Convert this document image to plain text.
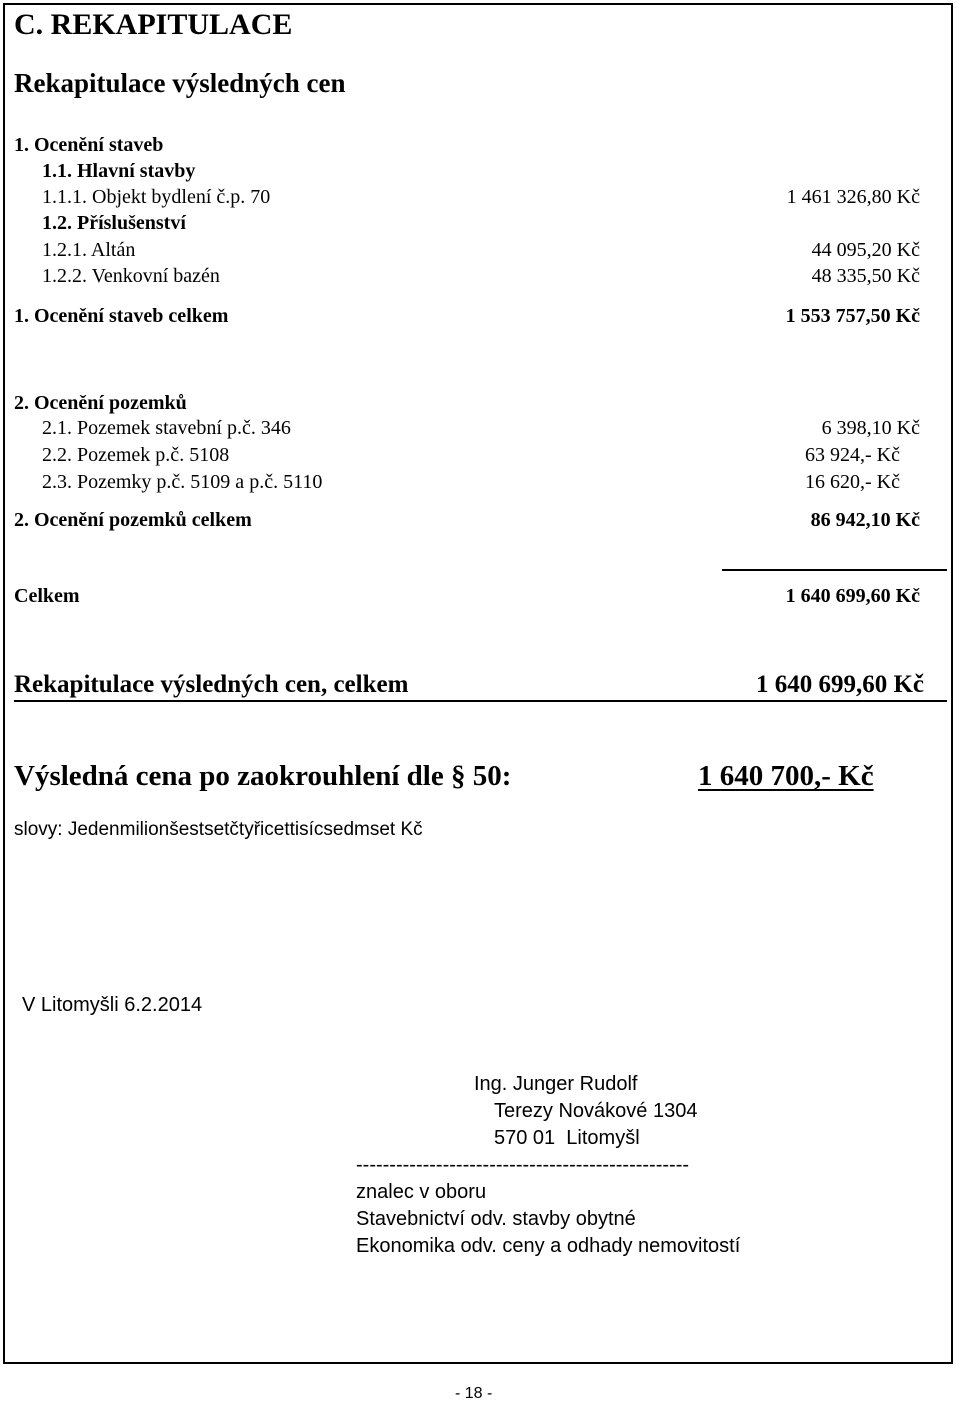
C. REKAPITULACE
Rekapitulace výsledných cen
1. Ocenění staveb
1.1. Hlavní stavby
1.1.1. Objekt bydlení č.p. 70	1 461 326,80 Kč
1.2. Příslušenství
1.2.1. Altán	44 095,20 Kč
1.2.2. Venkovní bazén	48 335,50 Kč
1. Ocenění staveb celkem	1 553 757,50 Kč
2. Ocenění pozemků
2.1. Pozemek stavební p.č. 346	6 398,10 Kč
2.2. Pozemek p.č. 5108	63 924,- Kč
2.3. Pozemky p.č. 5109 a p.č. 5110	16 620,- Kč
2. Ocenění pozemků celkem	86 942,10 Kč
Celkem	1 640 699,60 Kč
Rekapitulace výsledných cen, celkem	1 640 699,60 Kč
Výsledná cena po zaokrouhlení dle § 50:	1 640 700,- Kč
slovy: Jedenmilionšestsetčtyřicettisícsedmset Kč
V Litomyšli 6.2.2014
Ing. Junger Rudolf
Terezy Novákové 1304
570 01  Litomyšl
--------------------------------------------------
znalec v oboru
Stavebnictví odv. stavby obytné
Ekonomika odv. ceny a odhady nemovitostí
- 18 -
